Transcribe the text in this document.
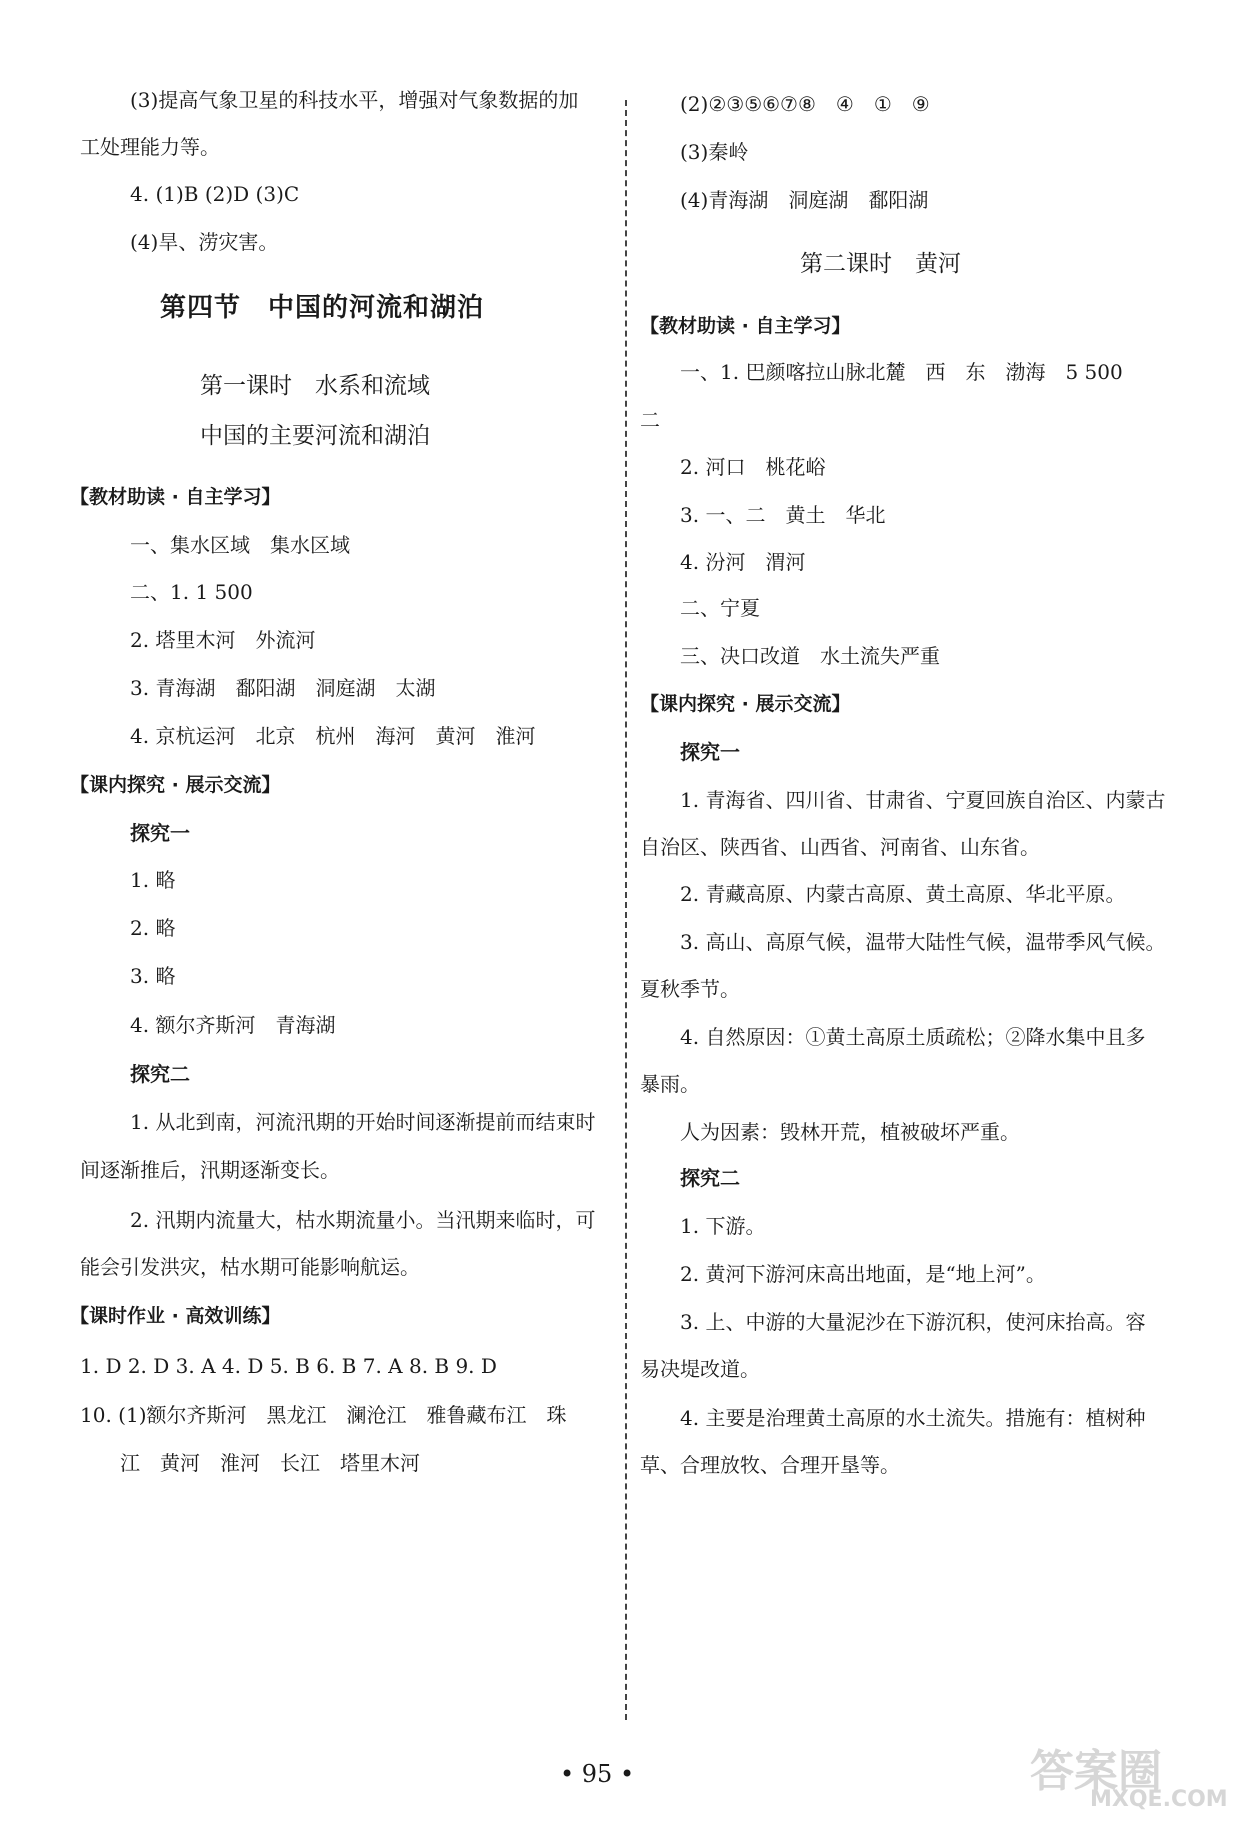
(3)提高气象卫星的科技水平，增强对气象数据的加
工处理能力等。
4. (1)B (2)D (3)C
(4)旱、涝灾害。
第四节　中国的河流和湖泊
第一课时　水系和流域
中国的主要河流和湖泊
【教材助读 · 自主学习】
一、集水区域　集水区域
二、1. 1 500
2. 塔里木河　外流河
3. 青海湖　鄱阳湖　洞庭湖　太湖
4. 京杭运河　北京　杭州　海河　黄河　淮河
【课内探究 · 展示交流】
探究一
1. 略
2. 略
3. 略
4. 额尔齐斯河　青海湖
探究二
1. 从北到南，河流汛期的开始时间逐渐提前而结束时
间逐渐推后，汛期逐渐变长。
2. 汛期内流量大，枯水期流量小。当汛期来临时，可
能会引发洪灾，枯水期可能影响航运。
【课时作业 · 高效训练】
1. D 2. D 3. A 4. D 5. B 6. B 7. A 8. B 9. D
10. (1)额尔齐斯河　黑龙江　澜沧江　雅鲁藏布江　珠
江　黄河　淮河　长江　塔里木河
(2)②③⑤⑥⑦⑧　④　①　⑨
(3)秦岭
(4)青海湖　洞庭湖　鄱阳湖
第二课时　黄河
【教材助读 · 自主学习】
一、1. 巴颜喀拉山脉北麓　西　东　渤海　5 500
二
2. 河口　桃花峪
3. 一、二　黄土　华北
4. 汾河　渭河
二、宁夏
三、决口改道　水土流失严重
【课内探究 · 展示交流】
探究一
1. 青海省、四川省、甘肃省、宁夏回族自治区、内蒙古
自治区、陕西省、山西省、河南省、山东省。
2. 青藏高原、内蒙古高原、黄土高原、华北平原。
3. 高山、高原气候，温带大陆性气候，温带季风气候。
夏秋季节。
4. 自然原因：①黄土高原土质疏松；②降水集中且多
暴雨。
人为因素：毁林开荒，植被破坏严重。
探究二
1. 下游。
2. 黄河下游河床高出地面，是“地上河”。
3. 上、中游的大量泥沙在下游沉积，使河床抬高。容
易决堤改道。
4. 主要是治理黄土高原的水土流失。措施有：植树种
草、合理放牧、合理开垦等。
• 95 •	答案圈
MXQE.COM
